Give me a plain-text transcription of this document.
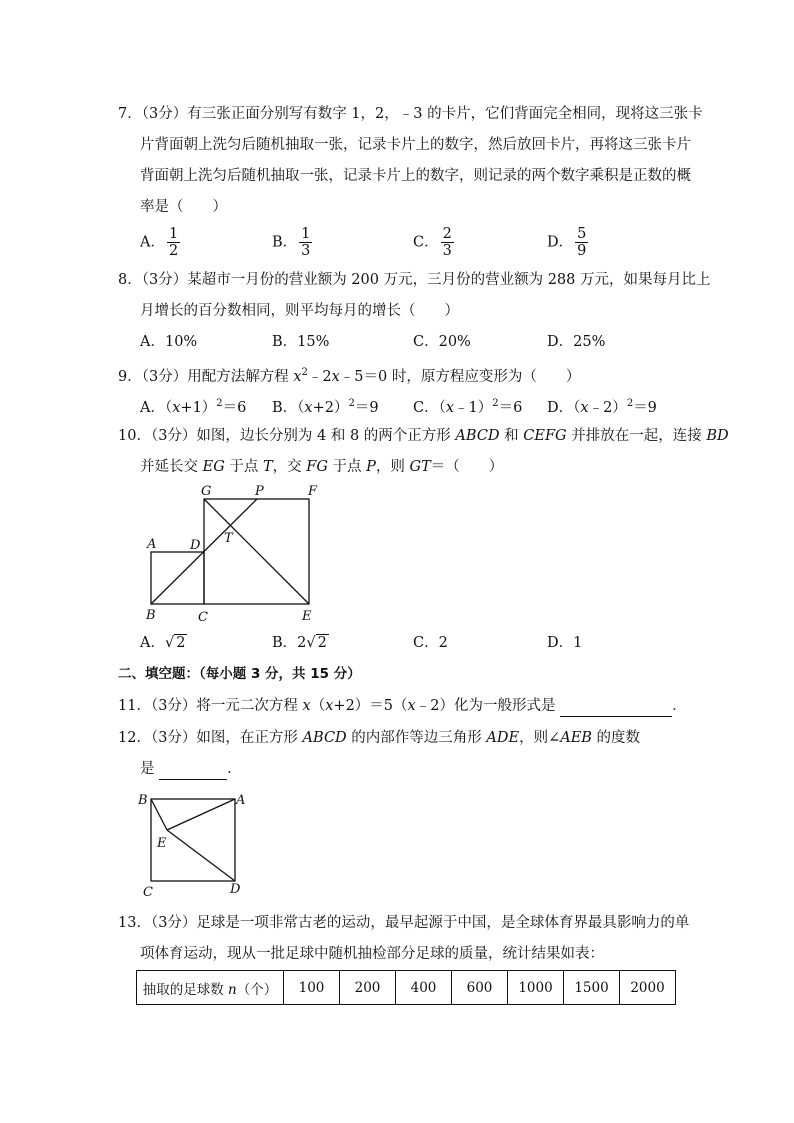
7．（3分）有三张正面分别写有数字 1，2，﹣3 的卡片，它们背面完全相同，现将这三张卡
片背面朝上洗匀后随机抽取一张，记录卡片上的数字，然后放回卡片，再将这三张卡片
背面朝上洗匀后随机抽取一张，记录卡片上的数字，则记录的两个数字乘积是正数的概
率是（　　）
A． $\frac{1}{2}$	B． $\frac{1}{3}$	C． $\frac{2}{3}$	D． $\frac{5}{9}$
8．（3分）某超市一月份的营业额为 200 万元，三月份的营业额为 288 万元，如果每月比上
月增长的百分数相同，则平均每月的增长（　　）
A．10%	B．15%	C．20%	D．25%
9．（3分）用配方法解方程 $x^2﹣2x﹣5=0$ 时，原方程应变形为（　　）
A．$(x+1)^2=6$ B．$(x+2)^2=9$ C．（x﹣1）$^2$＝6 D．（x﹣2）$^2$＝9
10．（3分）如图，边长分别为 4 和 8 的两个正方形 ABCD 和 CEFG 并排放在一起，连接 BD
并延长交 EG 于点 T，交 FG 于点 P，则 GT＝（　　）
G	P	F
A	D T
B	C	E
A．√ 2	B．2√ 2	C．2	D．1
二、填空题：（每小题 3 分，共 15 分）
11．（3分）将一元二次方程 x（x+2）＝5（x﹣2）化为一般形式是	．
12．（3分）如图，在正方形 ABCD 的内部作等边三角形 ADE，则∠AEB 的度数
是	．
B	A
E
C	D
13．（3分）足球是一项非常古老的运动，最早起源于中国，是全球体育界最具影响力的单
项体育运动，现从一批足球中随机抽检部分足球的质量，统计结果如表：
抽取的足球数 n（个）	100	200	400	600	1000	1500	2000
